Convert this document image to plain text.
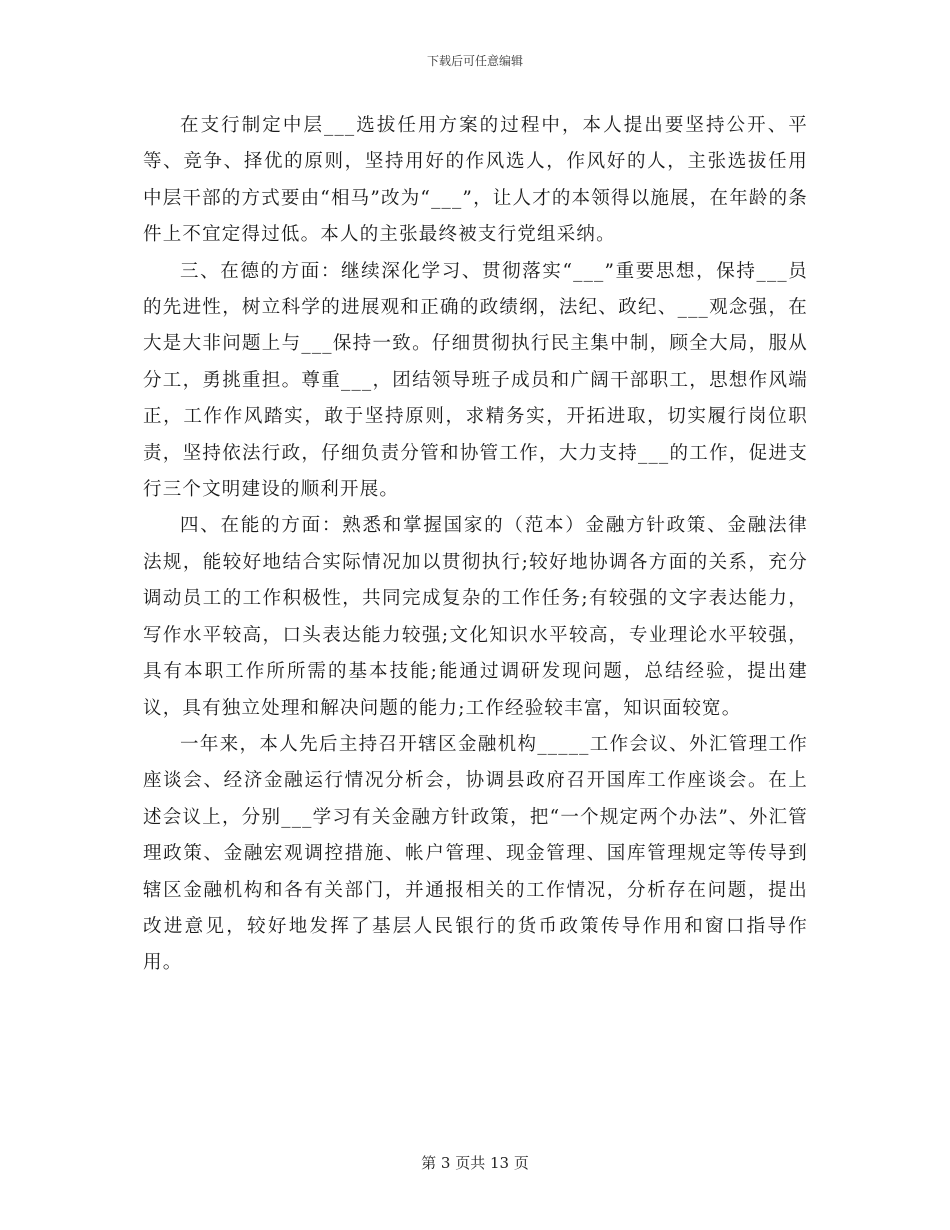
下载后可任意编辑

在支行制定中层___选拔任用方案的过程中，本人提出要坚持公开、平等、竞争、择优的原则，坚持用好的作风选人，作风好的人，主张选拔任用中层干部的方式要由“相马”改为“___”，让人才的本领得以施展，在年龄的条件上不宜定得过低。本人的主张最终被支行党组采纳。

三、在德的方面：继续深化学习、贯彻落实“___”重要思想，保持___员的先进性，树立科学的进展观和正确的政绩纲，法纪、政纪、___观念强，在大是大非问题上与___保持一致。仔细贯彻执行民主集中制，顾全大局，服从分工，勇挑重担。尊重___，团结领导班子成员和广阔干部职工，思想作风端正，工作作风踏实，敢于坚持原则，求精务实，开拓进取，切实履行岗位职责，坚持依法行政，仔细负责分管和协管工作，大力支持___的工作，促进支行三个文明建设的顺利开展。

四、在能的方面：熟悉和掌握国家的（范本）金融方针政策、金融法律法规，能较好地结合实际情况加以贯彻执行;较好地协调各方面的关系，充分调动员工的工作积极性，共同完成复杂的工作任务;有较强的文字表达能力，写作水平较高，口头表达能力较强;文化知识水平较高，专业理论水平较强，具有本职工作所所需的基本技能;能通过调研发现问题，总结经验，提出建议，具有独立处理和解决问题的能力;工作经验较丰富，知识面较宽。

一年来，本人先后主持召开辖区金融机构_____工作会议、外汇管理工作座谈会、经济金融运行情况分析会，协调县政府召开国库工作座谈会。在上述会议上，分别___学习有关金融方针政策，把“一个规定两个办法”、外汇管理政策、金融宏观调控措施、帐户管理、现金管理、国库管理规定等传导到辖区金融机构和各有关部门，并通报相关的工作情况，分析存在问题，提出改进意见，较好地发挥了基层人民银行的货币政策传导作用和窗口指导作用。

第 3 页共 13 页
